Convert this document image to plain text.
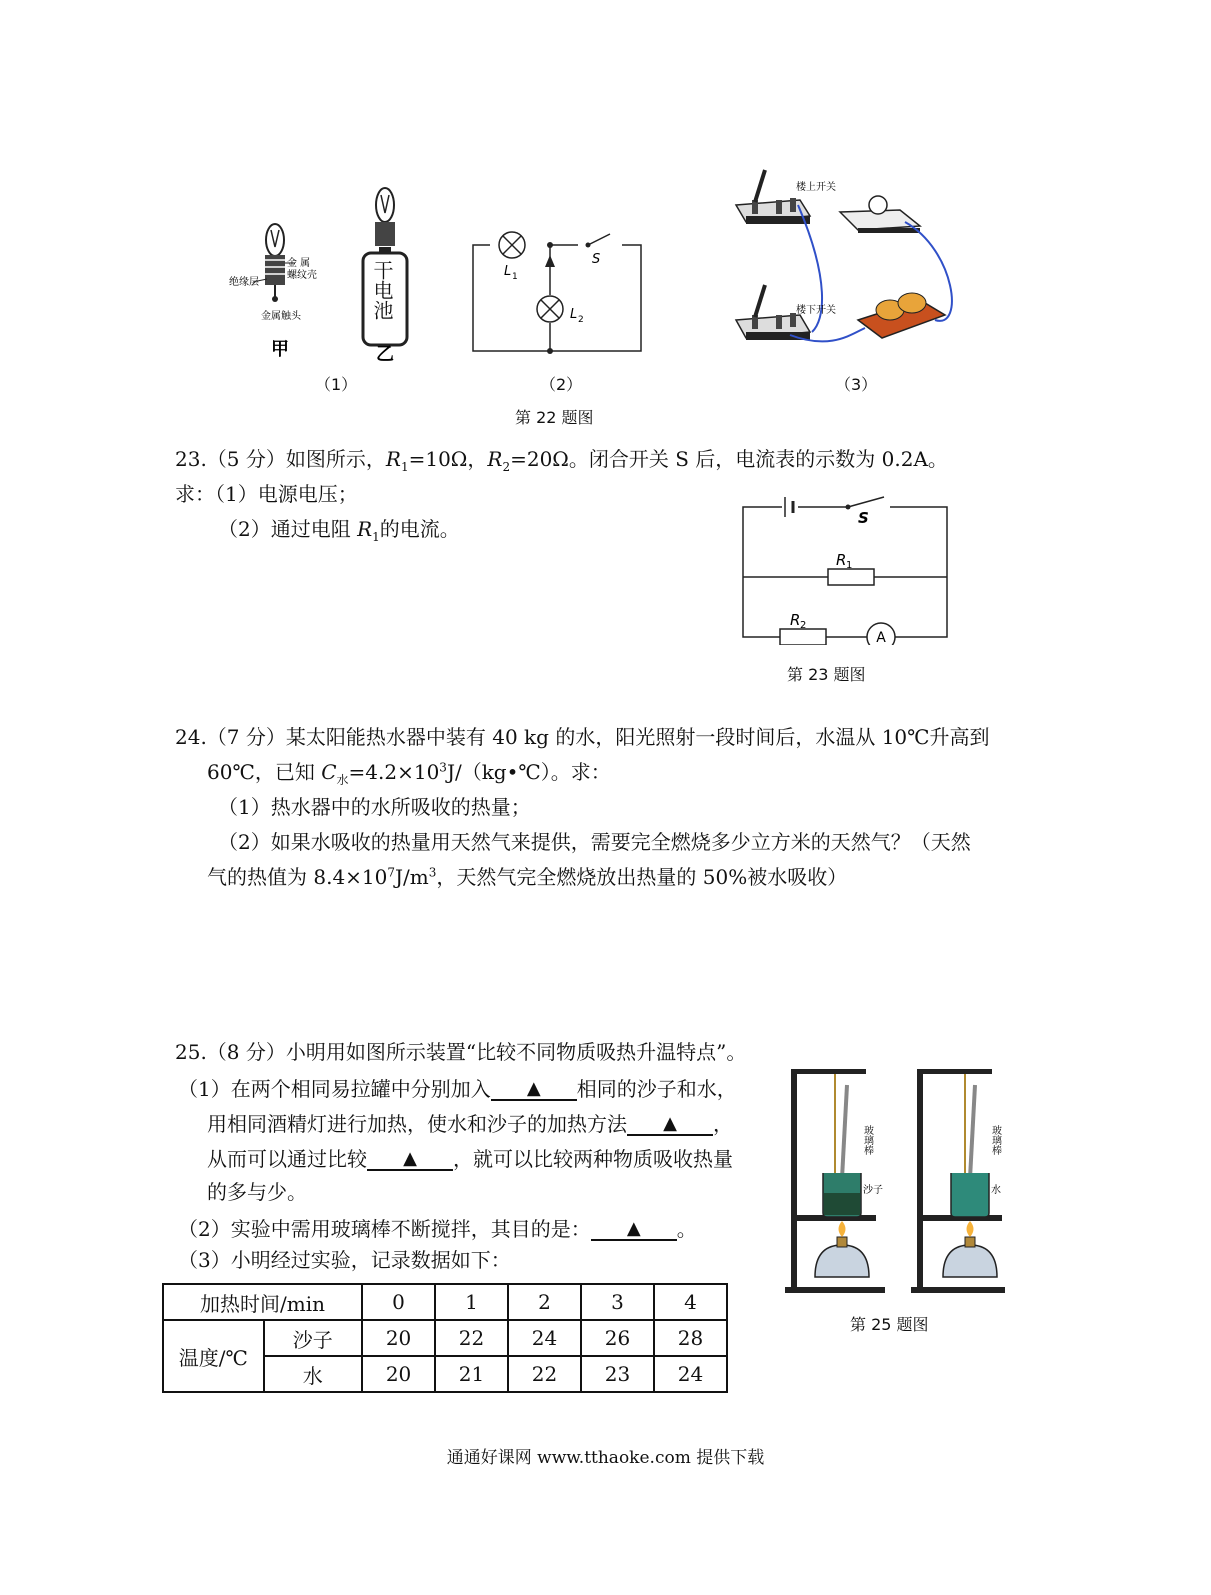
金 属
螺纹壳
绝缘层
金属触头
甲	乙
干电池
（1）
L 1
L 2
S
（2）
楼上开关
楼下开关
（3）
第 22 题图
23.（5 分）如图所示，$R_1=10\Omega$，$R_2=20\Omega$。闭合开关 S 后，电流表的示数为 0.2A。
求：（1）电源电压；
（2）通过电阻 $R_1$的电流。
A
S
R 1
R 2
第 23 题图
24.（7 分）某太阳能热水器中装有 40 kg 的水，阳光照射一段时间后，水温从 10℃升高到
60℃，已知 $C_水=4.2\times 10^3J/(kg•℃)$。求：
（1）热水器中的水所吸收的热量；
（2）如果水吸收的热量用天然气来提供，需要完全燃烧多少立方米的天然气？（天然
气的热值为 $8.4\times 10^7J/m^3$，天然气完全燃烧放出热量的 50%被水吸收）
25.（8 分）小明用如图所示装置“比较不同物质吸热升温特点”。
（1）在两个相同易拉罐中分别加入 ▲ 相同的沙子和水，
用相同酒精灯进行加热，使水和沙子的加热方法 ▲ ，
从而可以通过比较 ▲ ，就可以比较两种物质吸收热量
的多与少。
（2）实验中需用玻璃棒不断搅拌，其目的是： ▲ 。
（3）小明经过实验，记录数据如下：
玻璃棒
沙子
玻璃棒
水
第 25 题图
加热时间/min		0	1	2	3	4
温度/℃	沙子	20	22	24	26	28
	水	20	21	22	23	24
通通好课网 www.tthaoke.com 提供下载
